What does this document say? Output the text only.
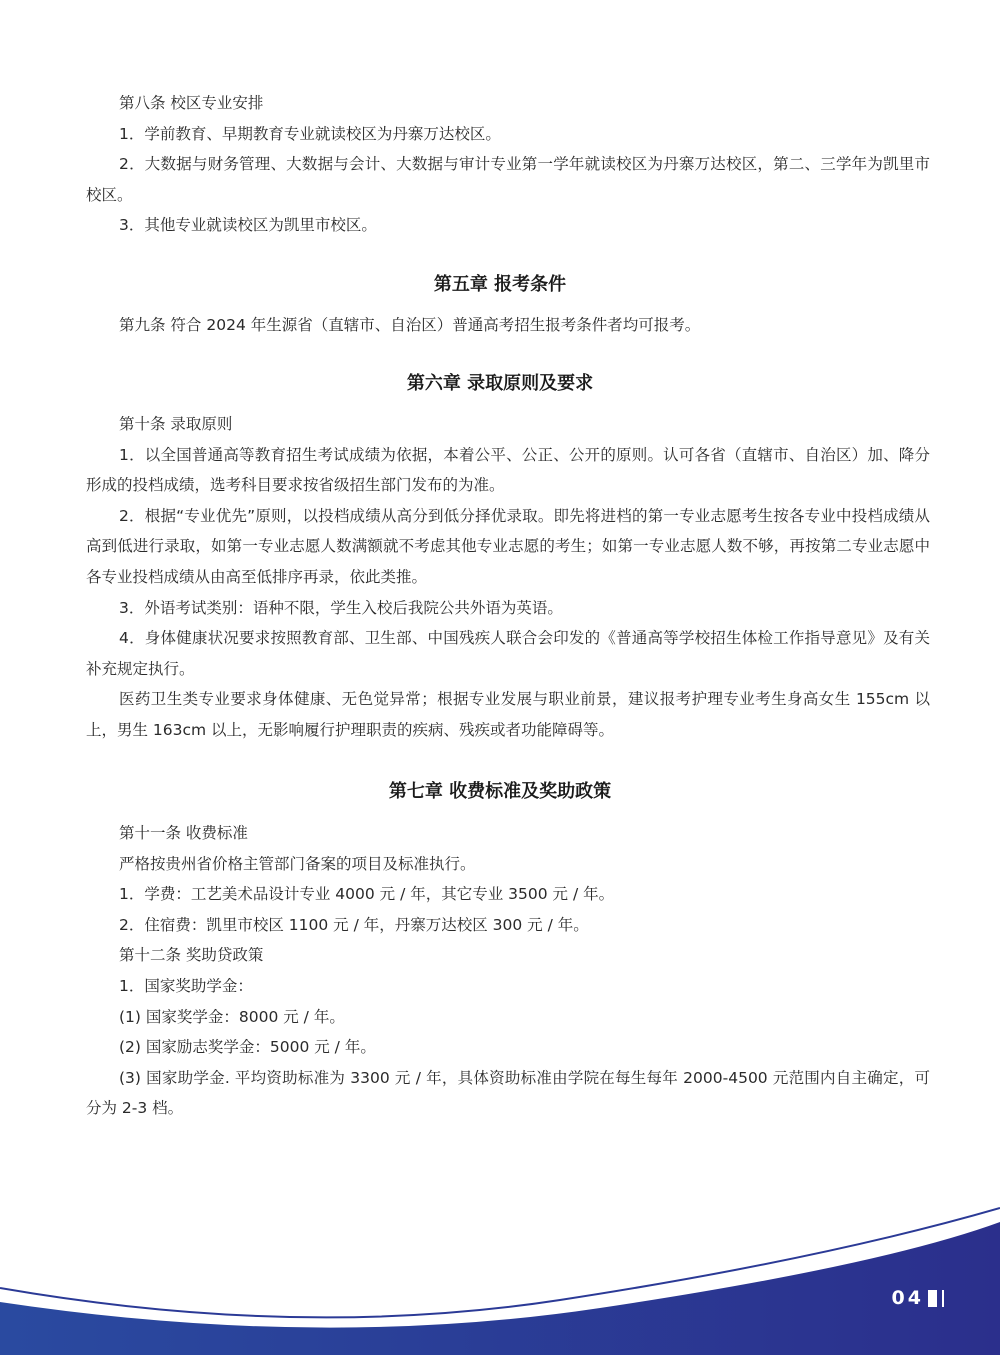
第八条 校区专业安排

1．学前教育、早期教育专业就读校区为丹寨万达校区。

2．大数据与财务管理、大数据与会计、大数据与审计专业第一学年就读校区为丹寨万达校区，第二、三学年为凯里市校区。

3．其他专业就读校区为凯里市校区。

第五章 报考条件

第九条 符合 2024 年生源省（直辖市、自治区）普通高考招生报考条件者均可报考。

第六章 录取原则及要求

第十条 录取原则

1．以全国普通高等教育招生考试成绩为依据，本着公平、公正、公开的原则。认可各省（直辖市、自治区）加、降分形成的投档成绩，选考科目要求按省级招生部门发布的为准。

2．根据“专业优先”原则，以投档成绩从高分到低分择优录取。即先将进档的第一专业志愿考生按各专业中投档成绩从高到低进行录取，如第一专业志愿人数满额就不考虑其他专业志愿的考生；如第一专业志愿人数不够，再按第二专业志愿中各专业投档成绩从由高至低排序再录，依此类推。

3．外语考试类别：语种不限，学生入校后我院公共外语为英语。

4．身体健康状况要求按照教育部、卫生部、中国残疾人联合会印发的《普通高等学校招生体检工作指导意见》及有关补充规定执行。

医药卫生类专业要求身体健康、无色觉异常；根据专业发展与职业前景，建议报考护理专业考生身高女生 155cm 以上，男生 163cm 以上，无影响履行护理职责的疾病、残疾或者功能障碍等。

第七章 收费标准及奖助政策

第十一条 收费标准

严格按贵州省价格主管部门备案的项目及标准执行。

1．学费：工艺美术品设计专业 4000 元 / 年，其它专业 3500 元 / 年。

2．住宿费：凯里市校区 1100 元 / 年，丹寨万达校区 300 元 / 年。

第十二条 奖助贷政策

1．国家奖助学金：

(1) 国家奖学金：8000 元 / 年。

(2) 国家励志奖学金：5000 元 / 年。

(3) 国家助学金. 平均资助标准为 3300 元 / 年，具体资助标准由学院在每生每年 2000-4500 元范围内自主确定，可分为 2-3 档。

04
